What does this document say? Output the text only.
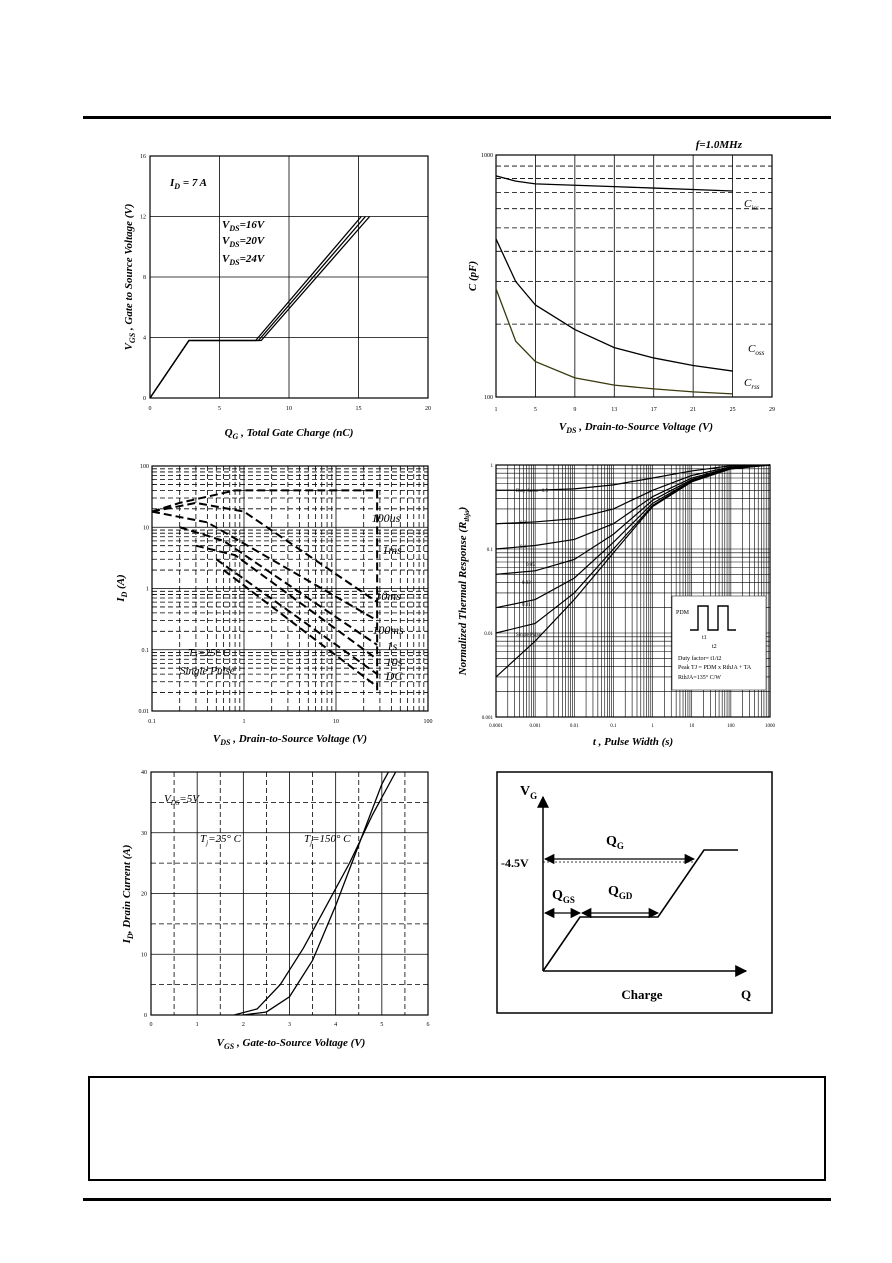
0	5	10	15	20
0
4
8
12
16
$I_D = 7$ A
$V_{DS}=16V$
$V_{DS}=20V$
$V_{DS}=24V$
$Q_G$ , Total Gate Charge (nC)
$V_{GS}$ , Gate to Source Voltage (V)
f=1.0MHz
1	5	9	13	17	21	25	29
100
1000
$C_{iss}$
$C_{oss}$
$C_{rss}$
$V_{DS}$ , Drain-to-Source Voltage (V)
C (pF)
0.1	1	10	100
0.01
0.1
1
10
100
100us
1ms
10ms
100ms
1s
10s
DC
$T_J=25^\circ$ C
Single Pulse
$V_{DS}$ , Drain-to-Source Voltage (V)
$I_D$ (A)
0.0001	0.001	0.01	0.1	1	10	100	1000
0.001
0.01
0.1
1
Duty factor=0.5
0.2
0.1
0.05
0.02
0.01
Single Pulse
PDM
t1
t2
Duty factor= t1/t2
Peak TJ = PDM x RthJA + TA
RthJA=135° C/W
t , Pulse Width (s)
Normalized Thermal Response $(R_{thja})$
0	1	2	3	4	5	6
0
10
20
30
40
$V_{DS}=5V$
$T_j=25^\circ$ C	$T_j=150^\circ$ C
$V_{GS}$ , Gate-to-Source Voltage (V)
$I_D$, Drain Current (A)
$V_G$
-4.5V
$Q_G$
$Q_{GS}$
$Q_{GD}$
Charge	Q
